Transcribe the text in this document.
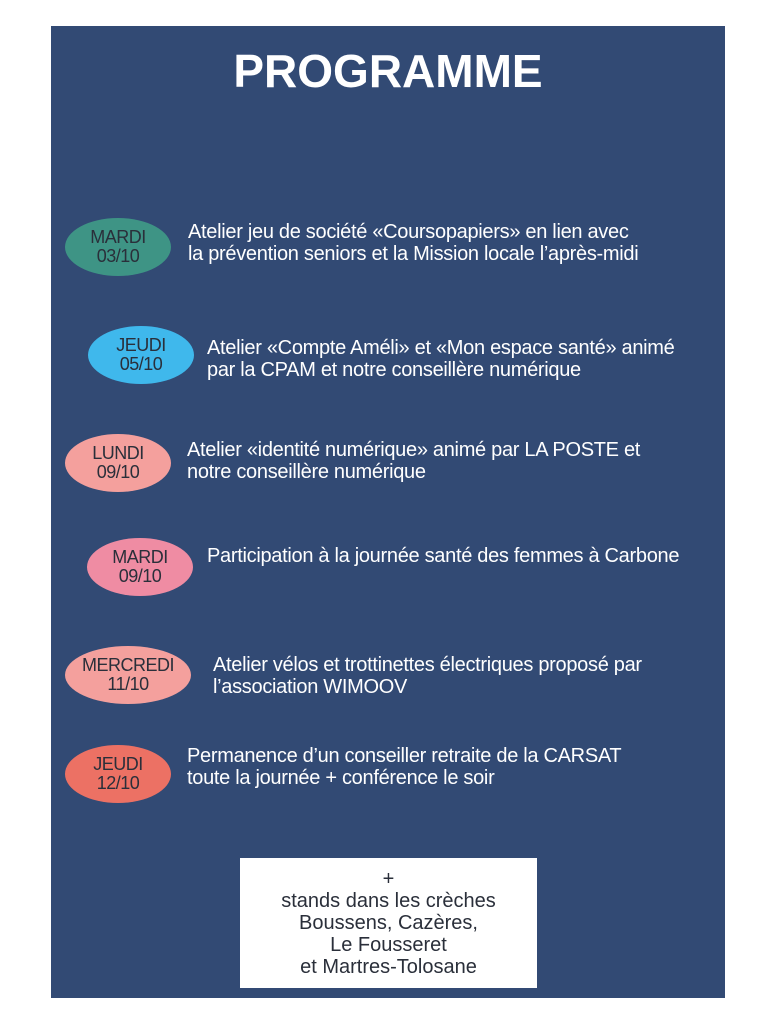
PROGRAMME
MARDI
03/10
Atelier jeu de société «Coursopapiers» en lien avec
la prévention seniors et la Mission locale l’après-midi
JEUDI
05/10
Atelier «Compte Améli» et «Mon espace santé» animé
par la CPAM et notre conseillère numérique
LUNDI
09/10
Atelier «identité numérique» animé par LA POSTE et
notre conseillère numérique
MARDI
09/10
Participation à la journée santé des femmes à Carbone
MERCREDI
11/10
Atelier vélos et trottinettes électriques proposé par
l’association WIMOOV
JEUDI
12/10
Permanence d’un conseiller retraite de la CARSAT
toute la journée + conférence le soir
+
stands dans les crèches
Boussens, Cazères,
Le Fousseret
et Martres-Tolosane
